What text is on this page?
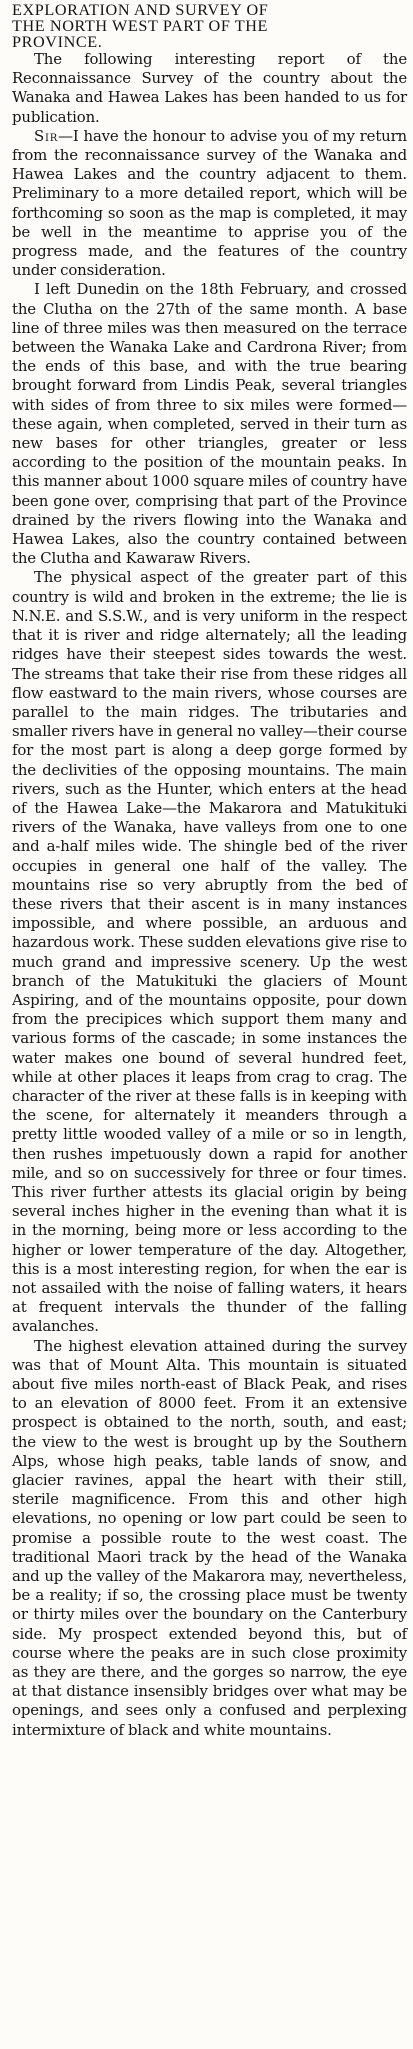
EXPLORATION AND SURVEY OF
THE NORTH WEST PART OF THE
PROVINCE.

The following interesting report of the Reconnaissance Survey of the country about the Wanaka and Hawea Lakes has been handed to us for publication.

Sir—I have the honour to advise you of my return from the reconnaissance survey of the Wanaka and Hawea Lakes and the country adjacent to them. Preliminary to a more detailed report, which will be forthcoming so soon as the map is completed, it may be well in the meantime to apprise you of the progress made, and the features of the country under consideration.

I left Dunedin on the 18th February, and crossed the Clutha on the 27th of the same month. A base line of three miles was then measured on the terrace between the Wanaka Lake and Cardrona River; from the ends of this base, and with the true bearing brought forward from Lindis Peak, several triangles with sides of from three to six miles were formed—these again, when completed, served in their turn as new bases for other triangles, greater or less according to the position of the mountain peaks. In this manner about 1000 square miles of country have been gone over, comprising that part of the Province drained by the rivers flowing into the Wanaka and Hawea Lakes, also the country contained between the Clutha and Kawaraw Rivers.

The physical aspect of the greater part of this country is wild and broken in the extreme; the lie is N.N.E. and S.S.W., and is very uniform in the respect that it is river and ridge alternately; all the leading ridges have their steepest sides towards the west. The streams that take their rise from these ridges all flow eastward to the main rivers, whose courses are parallel to the main ridges. The tributaries and smaller rivers have in general no valley—their course for the most part is along a deep gorge formed by the declivities of the opposing mountains. The main rivers, such as the Hunter, which enters at the head of the Hawea Lake—the Makarora and Matukituki rivers of the Wanaka, have valleys from one to one and a-half miles wide. The shingle bed of the river occupies in general one half of the valley. The mountains rise so very abruptly from the bed of these rivers that their ascent is in many instances impossible, and where possible, an arduous and hazardous work. These sudden elevations give rise to much grand and impressive scenery. Up the west branch of the Matukituki the glaciers of Mount Aspiring, and of the mountains opposite, pour down from the precipices which support them many and various forms of the cascade; in some instances the water makes one bound of several hundred feet, while at other places it leaps from crag to crag. The character of the river at these falls is in keeping with the scene, for alternately it meanders through a pretty little wooded valley of a mile or so in length, then rushes impetuously down a rapid for another mile, and so on successively for three or four times. This river further attests its glacial origin by being several inches higher in the evening than what it is in the morning, being more or less according to the higher or lower temperature of the day. Altogether, this is a most interesting region, for when the ear is not assailed with the noise of falling waters, it hears at frequent intervals the thunder of the falling avalanches.

The highest elevation attained during the survey was that of Mount Alta. This mountain is situated about five miles north-east of Black Peak, and rises to an elevation of 8000 feet. From it an extensive prospect is obtained to the north, south, and east; the view to the west is brought up by the Southern Alps, whose high peaks, table lands of snow, and glacier ravines, appal the heart with their still, sterile magnificence. From this and other high elevations, no opening or low part could be seen to promise a possible route to the west coast. The traditional Maori track by the head of the Wanaka and up the valley of the Makarora may, nevertheless, be a reality; if so, the crossing place must be twenty or thirty miles over the boundary on the Canterbury side. My prospect extended beyond this, but of course where the peaks are in such close proximity as they are there, and the gorges so narrow, the eye at that distance insensibly bridges over what may be openings, and sees only a confused and perplexing intermixture of black and white mountains.
